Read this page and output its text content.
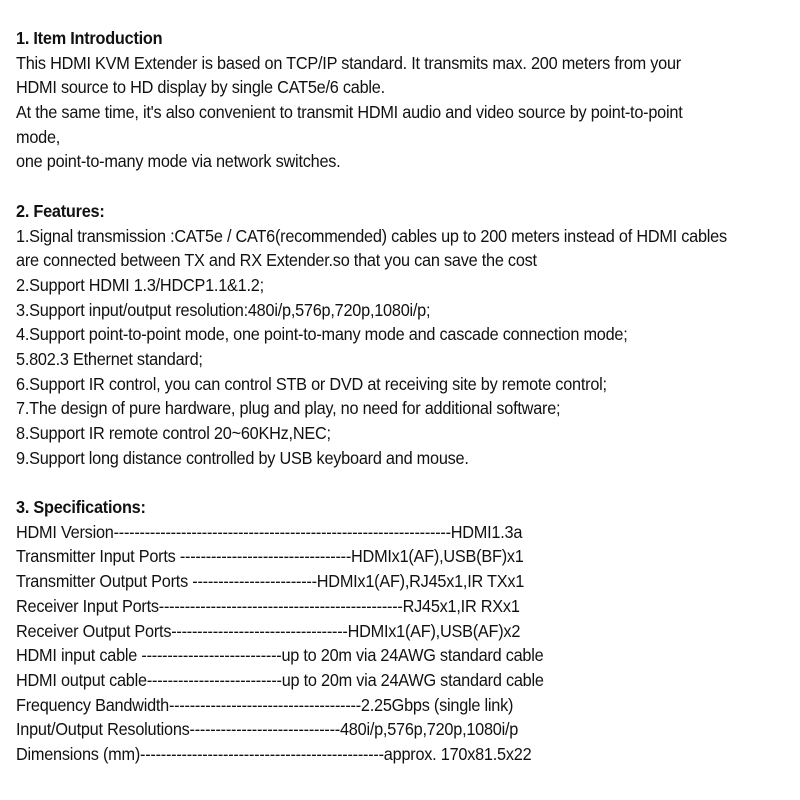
1. Item Introduction
This HDMI KVM Extender is based on TCP/IP standard. It transmits max. 200 meters from your
HDMI source to HD display by single CAT5e/6 cable.
At the same time, it's also convenient to transmit HDMI audio and video source by point-to-point
mode,
one point-to-many mode via network switches.
2. Features:
1.Signal transmission :CAT5e / CAT6(recommended) cables up to 200 meters instead of HDMI cables
are connected between TX and RX Extender.so that you can save the cost
2.Support HDMI 1.3/HDCP1.1&1.2;
3.Support input/output resolution:480i/p,576p,720p,1080i/p;
4.Support point-to-point mode, one point-to-many mode and cascade connection mode;
5.802.3 Ethernet standard;
6.Support IR control, you can control STB or DVD at receiving site by remote control;
7.The design of pure hardware, plug and play, no need for additional software;
8.Support IR remote control 20~60KHz,NEC;
9.Support long distance controlled by USB keyboard and mouse.
3. Specifications:
HDMI Version-----------------------------------------------------------------HDMI1.3a
Transmitter Input Ports ---------------------------------HDMIx1(AF),USB(BF)x1
Transmitter Output Ports ------------------------HDMIx1(AF),RJ45x1,IR TXx1
Receiver Input Ports-----------------------------------------------RJ45x1,IR RXx1
Receiver Output Ports----------------------------------HDMIx1(AF),USB(AF)x2
HDMI input cable ---------------------------up to 20m via 24AWG standard cable
HDMI output cable--------------------------up to 20m via 24AWG standard cable
Frequency Bandwidth-------------------------------------2.25Gbps (single link)
Input/Output Resolutions-----------------------------480i/p,576p,720p,1080i/p
Dimensions (mm)-----------------------------------------------approx. 170x81.5x22
